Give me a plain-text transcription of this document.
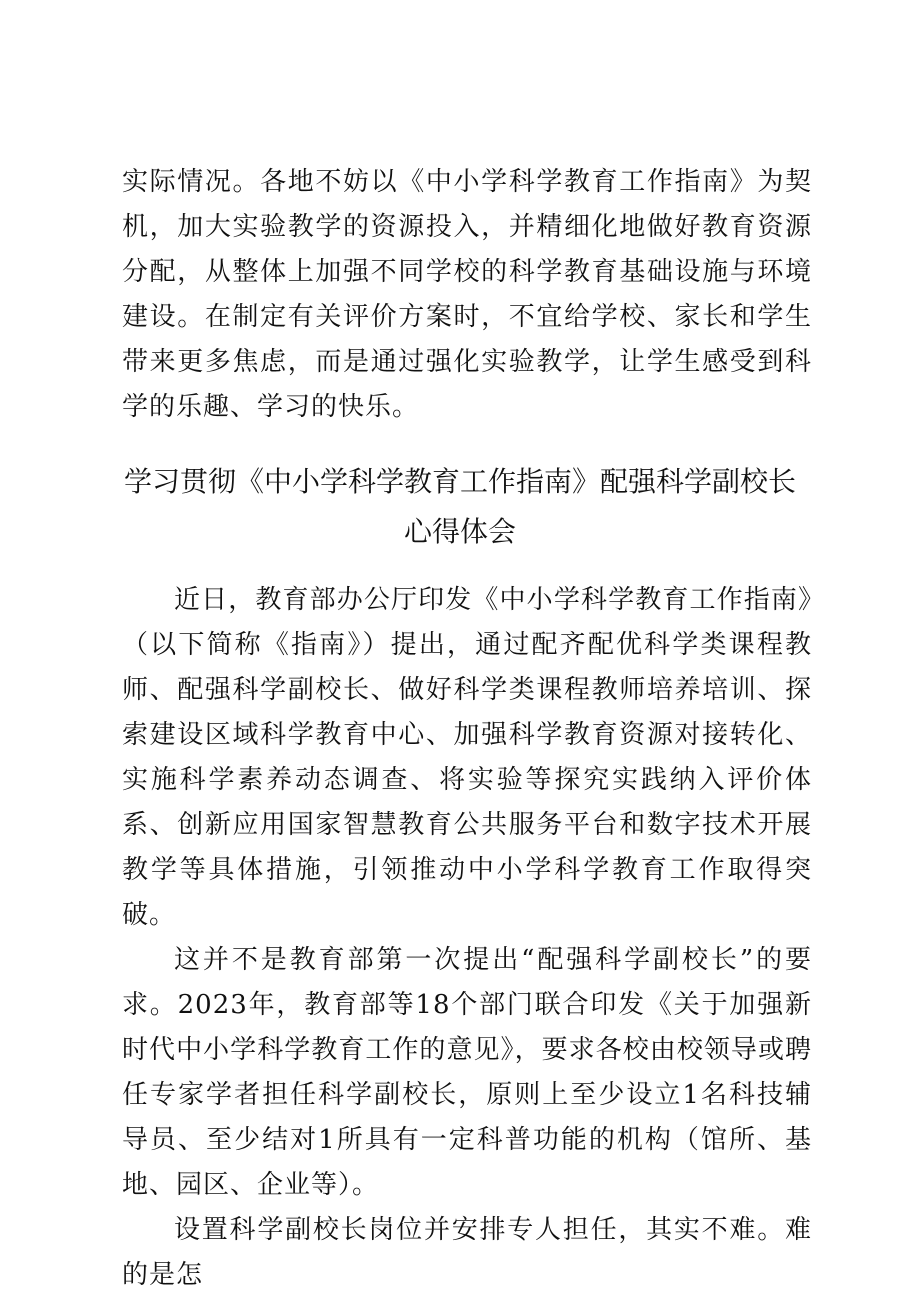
实际情况。各地不妨以《中小学科学教育工作指南》为契机，加大实验教学的资源投入，并精细化地做好教育资源分配，从整体上加强不同学校的科学教育基础设施与环境建设。在制定有关评价方案时，不宜给学校、家长和学生带来更多焦虑，而是通过强化实验教学，让学生感受到科学的乐趣、学习的快乐。

学习贯彻《中小学科学教育工作指南》配强科学副校长
心得体会

近日，教育部办公厅印发《中小学科学教育工作指南》（以下简称《指南》）提出，通过配齐配优科学类课程教师、配强科学副校长、做好科学类课程教师培养培训、探索建设区域科学教育中心、加强科学教育资源对接转化、实施科学素养动态调查、将实验等探究实践纳入评价体系、创新应用国家智慧教育公共服务平台和数字技术开展教学等具体措施，引领推动中小学科学教育工作取得突破。

这并不是教育部第一次提出“配强科学副校长”的要求。2023年，教育部等18个部门联合印发《关于加强新时代中小学科学教育工作的意见》，要求各校由校领导或聘任专家学者担任科学副校长，原则上至少设立1名科技辅导员、至少结对1所具有一定科普功能的机构（馆所、基地、园区、企业等）。

设置科学副校长岗位并安排专人担任，其实不难。难的是怎
